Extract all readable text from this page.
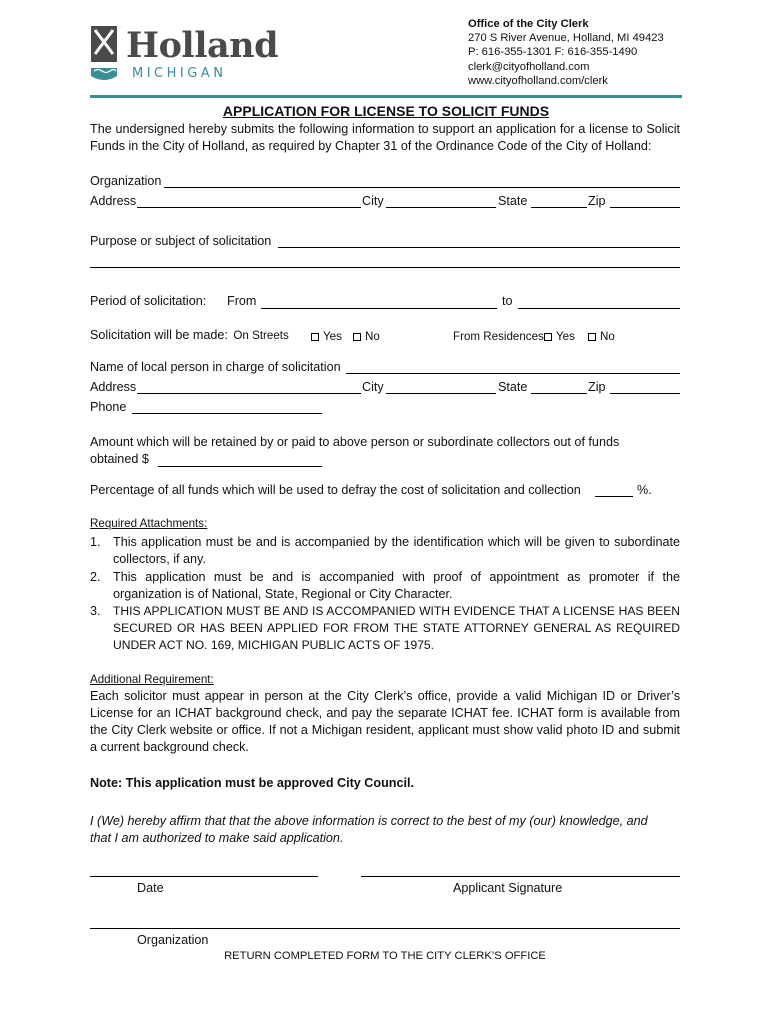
Holland
MICHIGAN
Office of the City Clerk
270 S River Avenue, Holland, MI 49423
P: 616-355-1301 F: 616-355-1490
clerk@cityofholland.com
www.cityofholland.com/clerk
APPLICATION FOR LICENSE TO SOLICIT FUNDS
The undersigned hereby submits the following information to support an application for a license to Solicit Funds in the City of Holland, as required by Chapter 31 of the Ordinance Code of the City of Holland:
Organization
Address	City	State	Zip
Purpose or subject of solicitation
Period of solicitation: From	to
Solicitation will be made: On Streets	Yes	No	From Residences	Yes	No
Name of local person in charge of solicitation
Address	City	State	Zip
Phone
Amount which will be retained by or paid to above person or subordinate collectors out of funds
obtained $
Percentage of all funds which will be used to defray the cost of solicitation and collection	%.
Required Attachments:
1. This application must be and is accompanied by the identification which will be given to subordinate collectors, if any.
2. This application must be and is accompanied with proof of appointment as promoter if the organization is of National, State, Regional or City Character.
3. THIS APPLICATION MUST BE AND IS ACCOMPANIED WITH EVIDENCE THAT A LICENSE HAS BEEN SECURED OR HAS BEEN APPLIED FOR FROM THE STATE ATTORNEY GENERAL AS REQUIRED UNDER ACT NO. 169, MICHIGAN PUBLIC ACTS OF 1975.
Additional Requirement:
Each solicitor must appear in person at the City Clerk’s office, provide a valid Michigan ID or Driver’s License for an ICHAT background check, and pay the separate ICHAT fee. ICHAT form is available from the City Clerk website or office. If not a Michigan resident, applicant must show valid photo ID and submit a current background check.
Note: This application must be approved City Council.
I (We) hereby affirm that that the above information is correct to the best of my (our) knowledge, and that I am authorized to make said application.
Date	Applicant Signature
Organization
RETURN COMPLETED FORM TO THE CITY CLERK’S OFFICE
